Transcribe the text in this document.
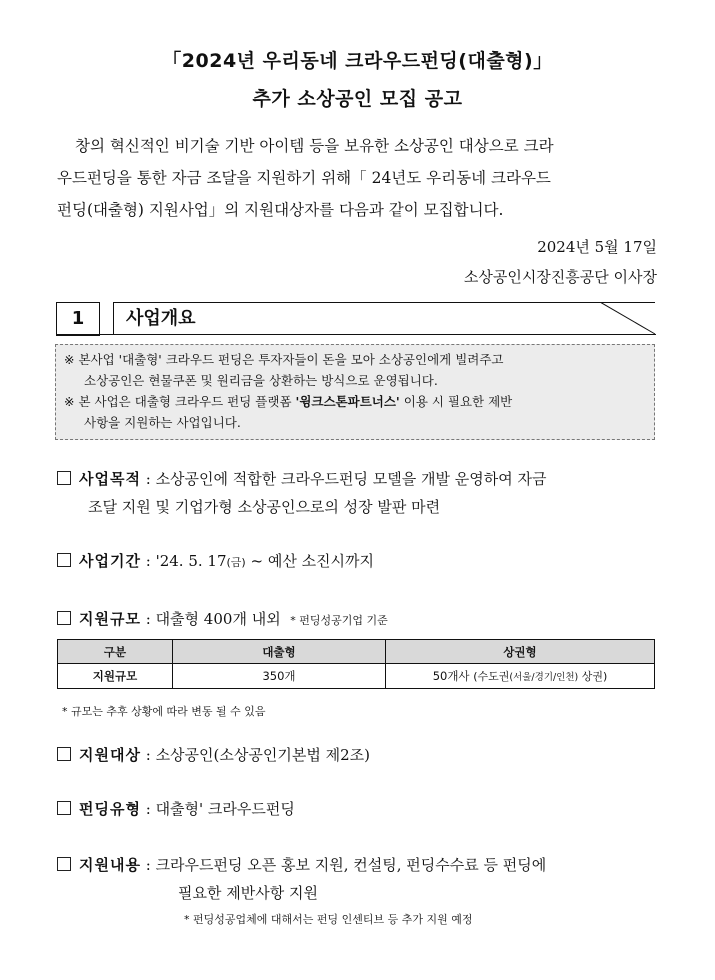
「2024년 우리동네 크라우드펀딩(대출형)」
추가 소상공인 모집 공고
창의 혁신적인 비기술 기반 아이템 등을 보유한 소상공인 대상으로 크라
우드펀딩을 통한 자금 조달을 지원하기 위해「 24년도 우리동네 크라우드
펀딩(대출형) 지원사업」의 지원대상자를 다음과 같이 모집합니다.
2024년 5월 17일
소상공인시장진흥공단 이사장
1	사업개요
※ 본사업 '대출형' 크라우드 펀딩은 투자자들이 돈을 모아 소상공인에게 빌려주고
소상공인은 현물쿠폰 및 원리금을 상환하는 방식으로 운영됩니다.
※ 본 사업은 대출형 크라우드 펀딩 플랫폼 '윙크스톤파트너스' 이용 시 필요한 제반
사항을 지원하는 사업입니다.
사업목적 : 소상공인에 적합한 크라우드펀딩 모델을 개발 운영하여 자금
조달 지원 및 기업가형 소상공인으로의 성장 발판 마련
사업기간 : '24. 5. 17(금) ~ 예산 소진시까지
지원규모 : 대출형 400개 내외 * 펀딩성공기업 기준
구분	대출형	상권형
지원규모	350개	50개사 (수도권(서울/경기/인천) 상권)
* 규모는 추후 상황에 따라 변동 될 수 있음
지원대상 : 소상공인(소상공인기본법 제2조)
펀딩유형 : 대출형' 크라우드펀딩
지원내용 : 크라우드펀딩 오픈 홍보 지원, 컨설팅, 펀딩수수료 등 펀딩에
필요한 제반사항 지원
* 펀딩성공업체에 대해서는 펀딩 인센티브 등 추가 지원 예정
